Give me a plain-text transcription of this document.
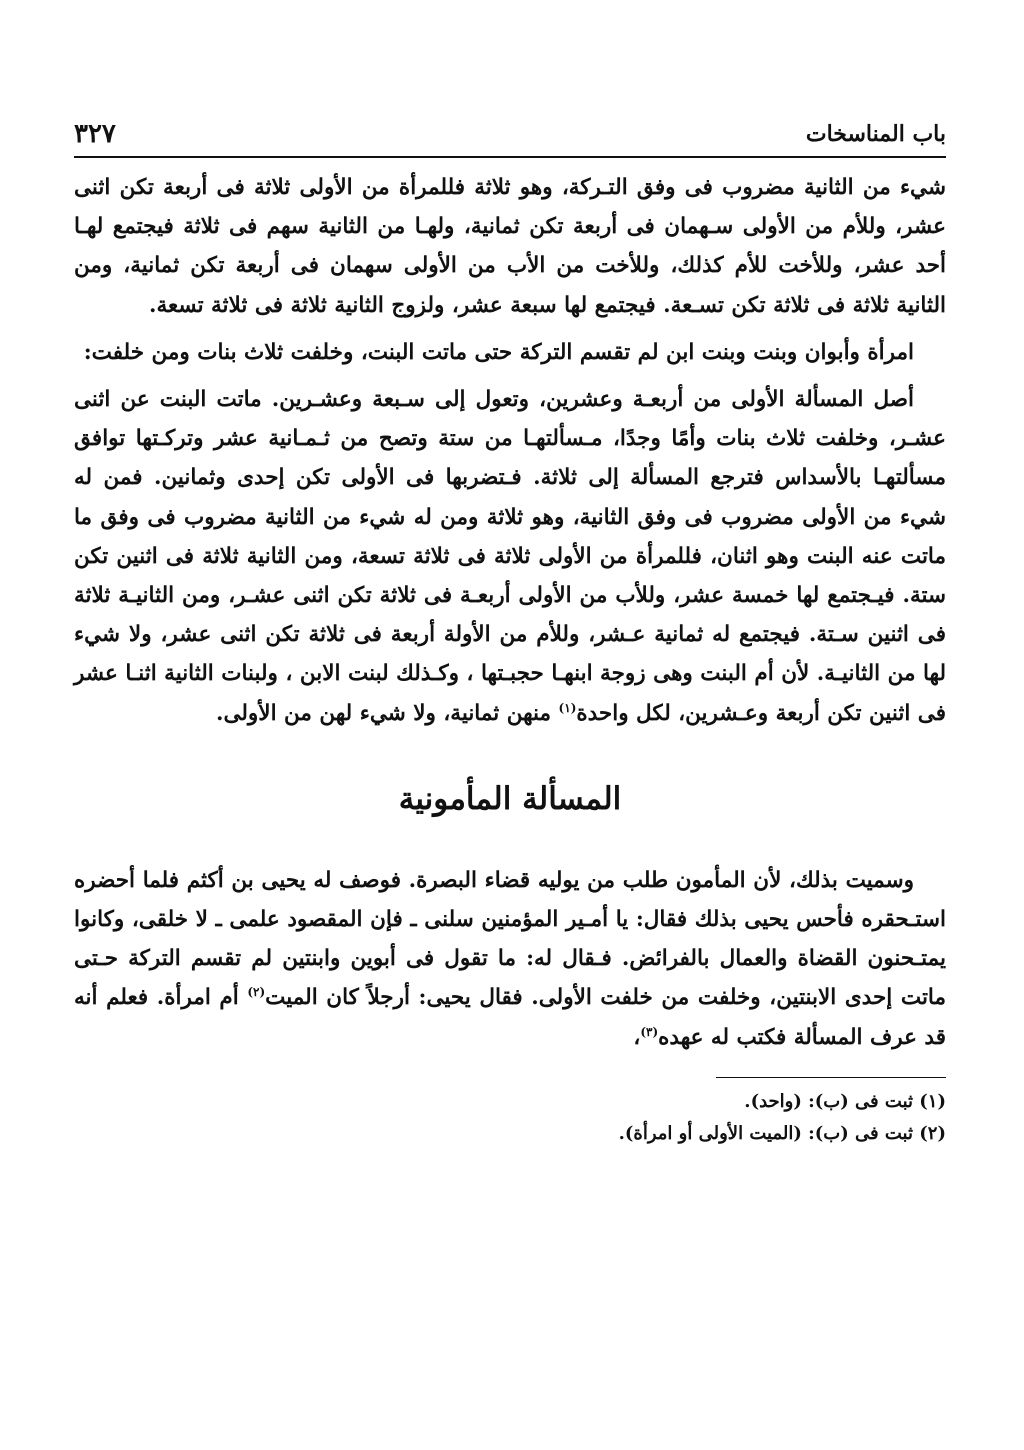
باب المناسخات
٣٢٧

شيء من الثانية مضروب فى وفق التـركة، وهو ثلاثة فللمرأة من الأولى ثلاثة فى أربعة تكن اثنى عشر، وللأم من الأولى سـهمان فى أربعة تكن ثمانية، ولهـا من الثانية سهم فى ثلاثة فيجتمع لهـا أحد عشر، وللأخت للأم كذلك، وللأخت من الأب من الأولى سهمان فى أربعة تكن ثمانية، ومن الثانية ثلاثة فى ثلاثة تكن تسـعة. فيجتمع لها سبعة عشر، ولزوج الثانية ثلاثة فى ثلاثة تسعة.

امرأة وأبوان وبنت وبنت ابن لم تقسم التركة حتى ماتت البنت، وخلفت ثلاث بنات ومن خلفت:

أصل المسألة الأولى من أربعـة وعشرين، وتعول إلى سـبعة وعشـرين. ماتت البنت عن اثنى عشـر، وخلفت ثلاث بنات وأمًا وجدًا، مـسألتهـا من ستة وتصح من ثـمـانية عشر وتركـتها توافق مسألتهـا بالأسداس فترجع المسألة إلى ثلاثة. فـتضربها فى الأولى تكن إحدى وثمانين. فمن له شيء من الأولى مضروب فى وفق الثانية، وهو ثلاثة ومن له شيء من الثانية مضروب فى وفق ما ماتت عنه البنت وهو اثنان، فللمرأة من الأولى ثلاثة فى ثلاثة تسعة، ومن الثانية ثلاثة فى اثنين تكن ستة. فيـجتمع لها خمسة عشر، وللأب من الأولى أربعـة فى ثلاثة تكن اثنى عشـر، ومن الثانيـة ثلاثة فى اثنين سـتة. فيجتمع له ثمانية عـشر، وللأم من الأولة أربعة فى ثلاثة تكن اثنى عشر، ولا شيء لها من الثانيـة. لأن أم البنت وهى زوجة ابنهـا حجبـتها ، وكـذلك لبنت الابن ، ولبنات الثانية اثنـا عشر فى اثنين تكن أربعة وعـشرين، لكل واحدة$^{(١)}$ منهن ثمانية، ولا شيء لهن من الأولى.

المسألة المأمونية

وسميت بذلك، لأن المأمون طلب من يوليه قضاء البصرة. فوصف له يحيى بن أكثم فلما أحضره استـحقره فأحس يحيى بذلك فقال: يا أمـير المؤمنين سلنى ـ فإن المقصود علمى ـ لا خلقى، وكانوا يمتـحنون القضاة والعمال بالفرائض. فـقال له: ما تقول فى أبوين وابنتين لم تقسم التركة حـتى ماتت إحدى الابنتين، وخلفت من خلفت الأولى. فقال يحيى: أرجلاً كان الميت$^{(٢)}$ أم امرأة. فعلم أنه قد عرف المسألة فكتب له عهده$^{(٣)}$،

(١) ثبت فى (ب): (واحد).

(٢) ثبت فى (ب): (الميت الأولى أو امرأة).
